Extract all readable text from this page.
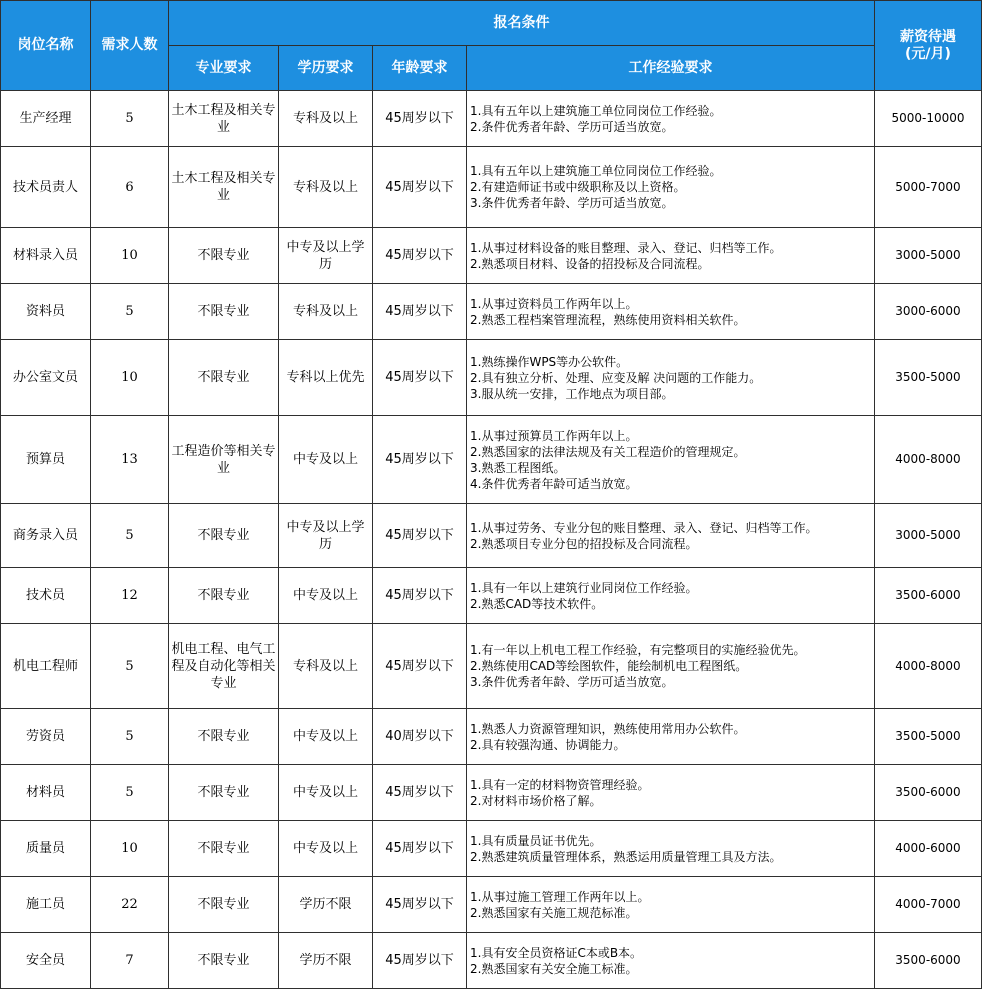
岗位名称	需求人数	报名条件				薪资待遇
(元/月)

		专业要求	学历要求	年龄要求	工作经验要求	
生产经理	5	土木工程及相关专业	专科及以上	45周岁以下	1.具有五年以上建筑施工单位同岗位工作经验。
2.条件优秀者年龄、学历可适当放宽。	5000-10000
技术员责人	6	土木工程及相关专业	专科及以上	45周岁以下	1.具有五年以上建筑施工单位同岗位工作经验。
2.有建造师证书或中级职称及以上资格。
3.条件优秀者年龄、学历可适当放宽。	5000-7000
材料录入员	10	不限专业	中专及以上学历	45周岁以下	1.从事过材料设备的账目整理、录入、登记、归档等工作。
2.熟悉项目材料、设备的招投标及合同流程。	3000-5000
资料员	5	不限专业	专科及以上	45周岁以下	1.从事过资料员工作两年以上。
2.熟悉工程档案管理流程，熟练使用资料相关软件。	3000-6000
办公室文员	10	不限专业	专科以上优先	45周岁以下	1.熟练操作WPS等办公软件。
2.具有独立分析、处理、应变及解 决问题的工作能力。
3.服从统一安排，工作地点为项目部。	3500-5000
预算员	13	工程造价等相关专业	中专及以上	45周岁以下	1.从事过预算员工作两年以上。
2.熟悉国家的法律法规及有关工程造价的管理规定。
3.熟悉工程图纸。
4.条件优秀者年龄可适当放宽。	4000-8000
商务录入员	5	不限专业	中专及以上学历	45周岁以下	1.从事过劳务、专业分包的账目整理、录入、登记、归档等工作。
2.熟悉项目专业分包的招投标及合同流程。	3000-5000
技术员	12	不限专业	中专及以上	45周岁以下	1.具有一年以上建筑行业同岗位工作经验。
2.熟悉CAD等技术软件。	3500-6000
机电工程师	5	机电工程、电气工程及自动化等相关专业	专科及以上	45周岁以下	1.有一年以上机电工程工作经验，有完整项目的实施经验优先。
2.熟练使用CAD等绘图软件，能绘制机电工程图纸。
3.条件优秀者年龄、学历可适当放宽。	4000-8000
劳资员	5	不限专业	中专及以上	40周岁以下	1.熟悉人力资源管理知识，熟练使用常用办公软件。
2.具有较强沟通、协调能力。	3500-5000
材料员	5	不限专业	中专及以上	45周岁以下	1.具有一定的材料物资管理经验。
2.对材料市场价格了解。	3500-6000
质量员	10	不限专业	中专及以上	45周岁以下	1.具有质量员证书优先。
2.熟悉建筑质量管理体系，熟悉运用质量管理工具及方法。	4000-6000
施工员	22	不限专业	学历不限	45周岁以下	1.从事过施工管理工作两年以上。
2.熟悉国家有关施工规范标准。	4000-7000
安全员	7	不限专业	学历不限	45周岁以下	1.具有安全员资格证C本或B本。
2.熟悉国家有关安全施工标准。	3500-6000
